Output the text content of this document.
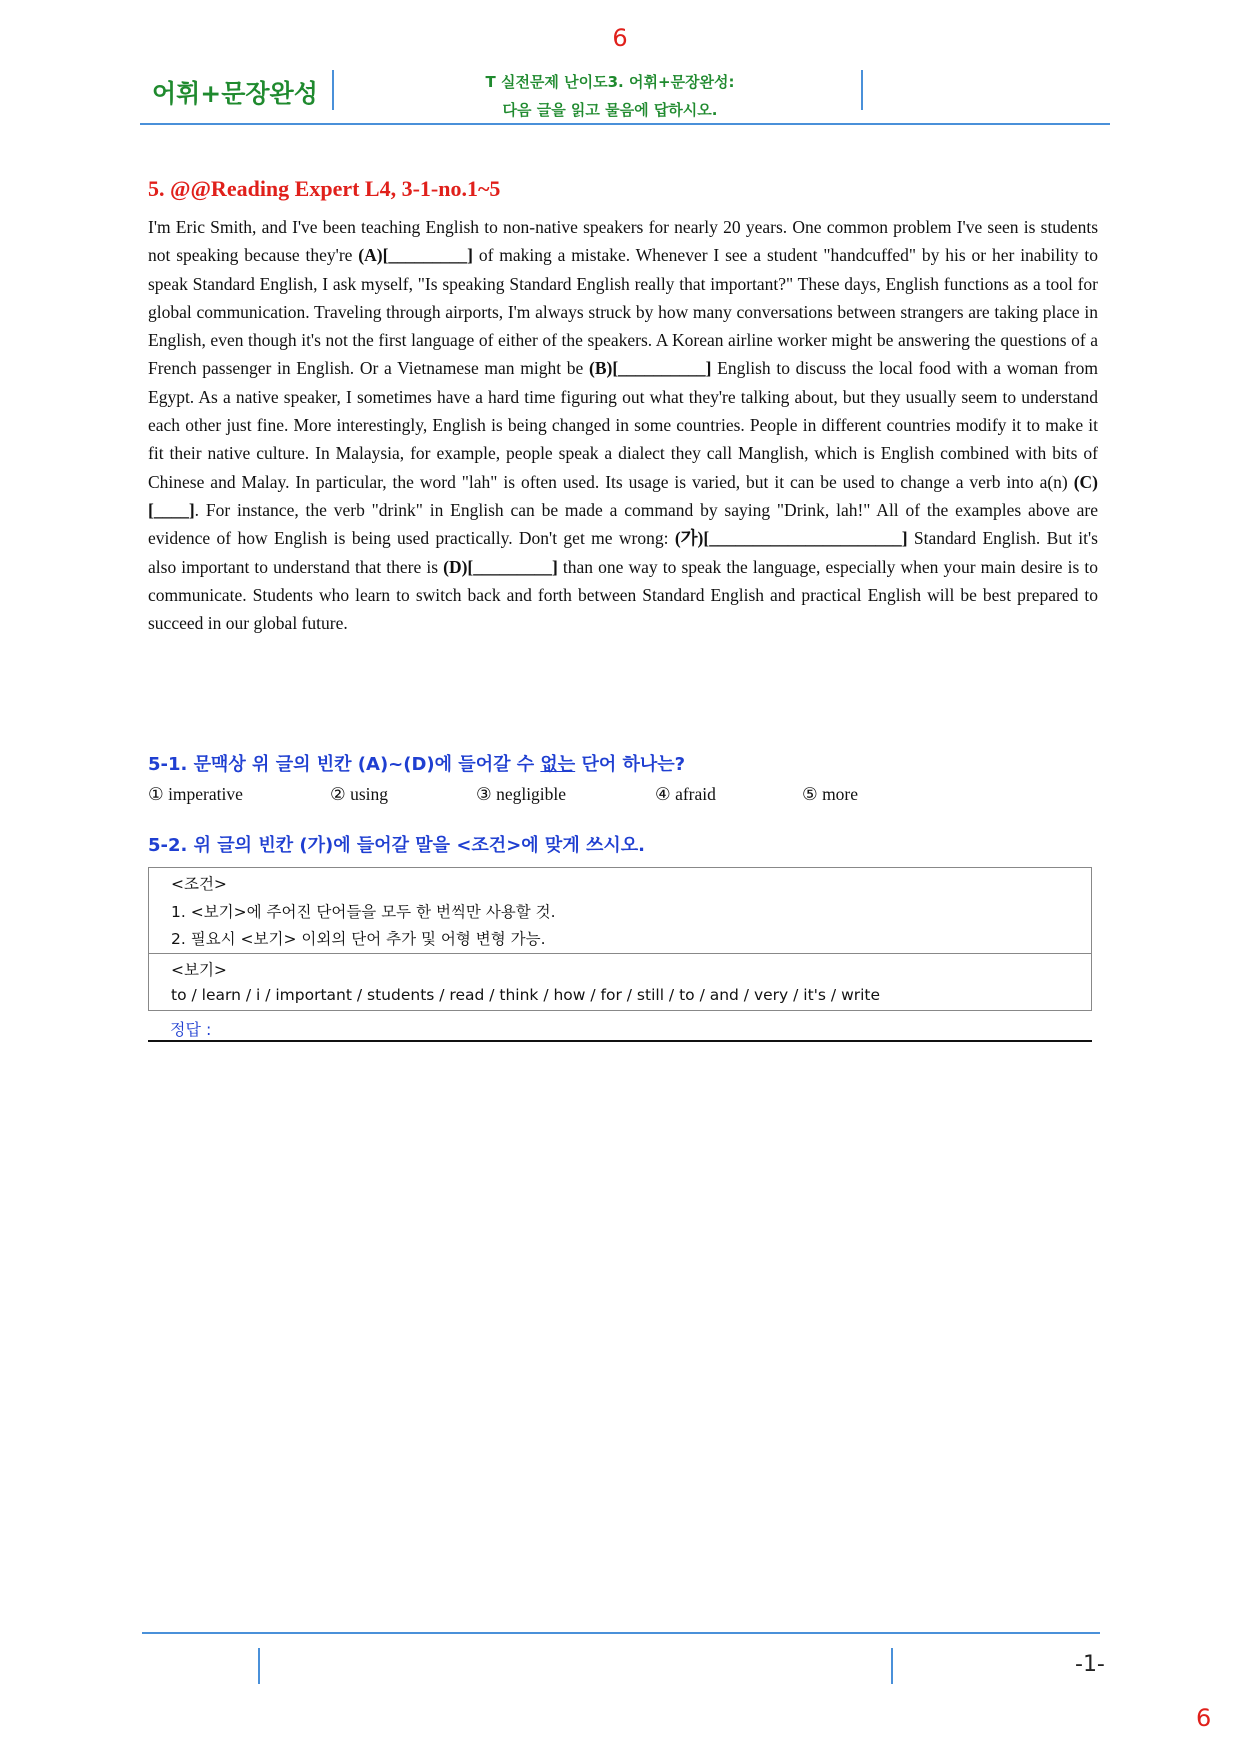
6
어휘+문장완성	T 실전문제 난이도3. 어휘+문장완성:
다음 글을 읽고 물음에 답하시오.
5. @@Reading Expert L4, 3-1-no.1~5
I'm Eric Smith, and I've been teaching English to non-native speakers for nearly 20 years. One common problem I've seen is students not speaking because they're (A)[_________] of making a mistake. Whenever I see a student "handcuffed" by his or her inability to speak Standard English, I ask myself, "Is speaking Standard English really that important?" These days, English functions as a tool for global communication. Traveling through airports, I'm always struck by how many conversations between strangers are taking place in English, even though it's not the first language of either of the speakers. A Korean airline worker might be answering the questions of a French passenger in English. Or a Vietnamese man might be (B)[__________] English to discuss the local food with a woman from Egypt. As a native speaker, I sometimes have a hard time figuring out what they're talking about, but they usually seem to understand each other just fine. More interestingly, English is being changed in some countries. People in different countries modify it to make it fit their native culture. In Malaysia, for example, people speak a dialect they call Manglish, which is English combined with bits of Chinese and Malay. In particular, the word "lah" is often used. Its usage is varied, but it can be used to change a verb into a(n) (C)[____]. For instance, the verb "drink" in English can be made a command by saying "Drink, lah!" All of the examples above are evidence of how English is being used practically. Don't get me wrong: (가)[______________________] Standard English. But it's also important to understand that there is (D)[_________] than one way to speak the language, especially when your main desire is to communicate. Students who learn to switch back and forth between Standard English and practical English will be best prepared to succeed in our global future.
5-1. 문맥상 위 글의 빈칸 (A)~(D)에 들어갈 수 없는 단어 하나는?
① imperative	② using	③ negligible	④ afraid	⑤ more
5-2. 위 글의 빈칸 (가)에 들어갈 말을 <조건>에 맞게 쓰시오.
<조건>
1. <보기>에 주어진 단어들을 모두 한 번씩만 사용할 것.
2. 필요시 <보기> 이외의 단어 추가 및 어형 변형 가능.
<보기>
to / learn / i / important / students / read / think / how / for / still / to / and / very / it's / write
정답 :
-1-
6
